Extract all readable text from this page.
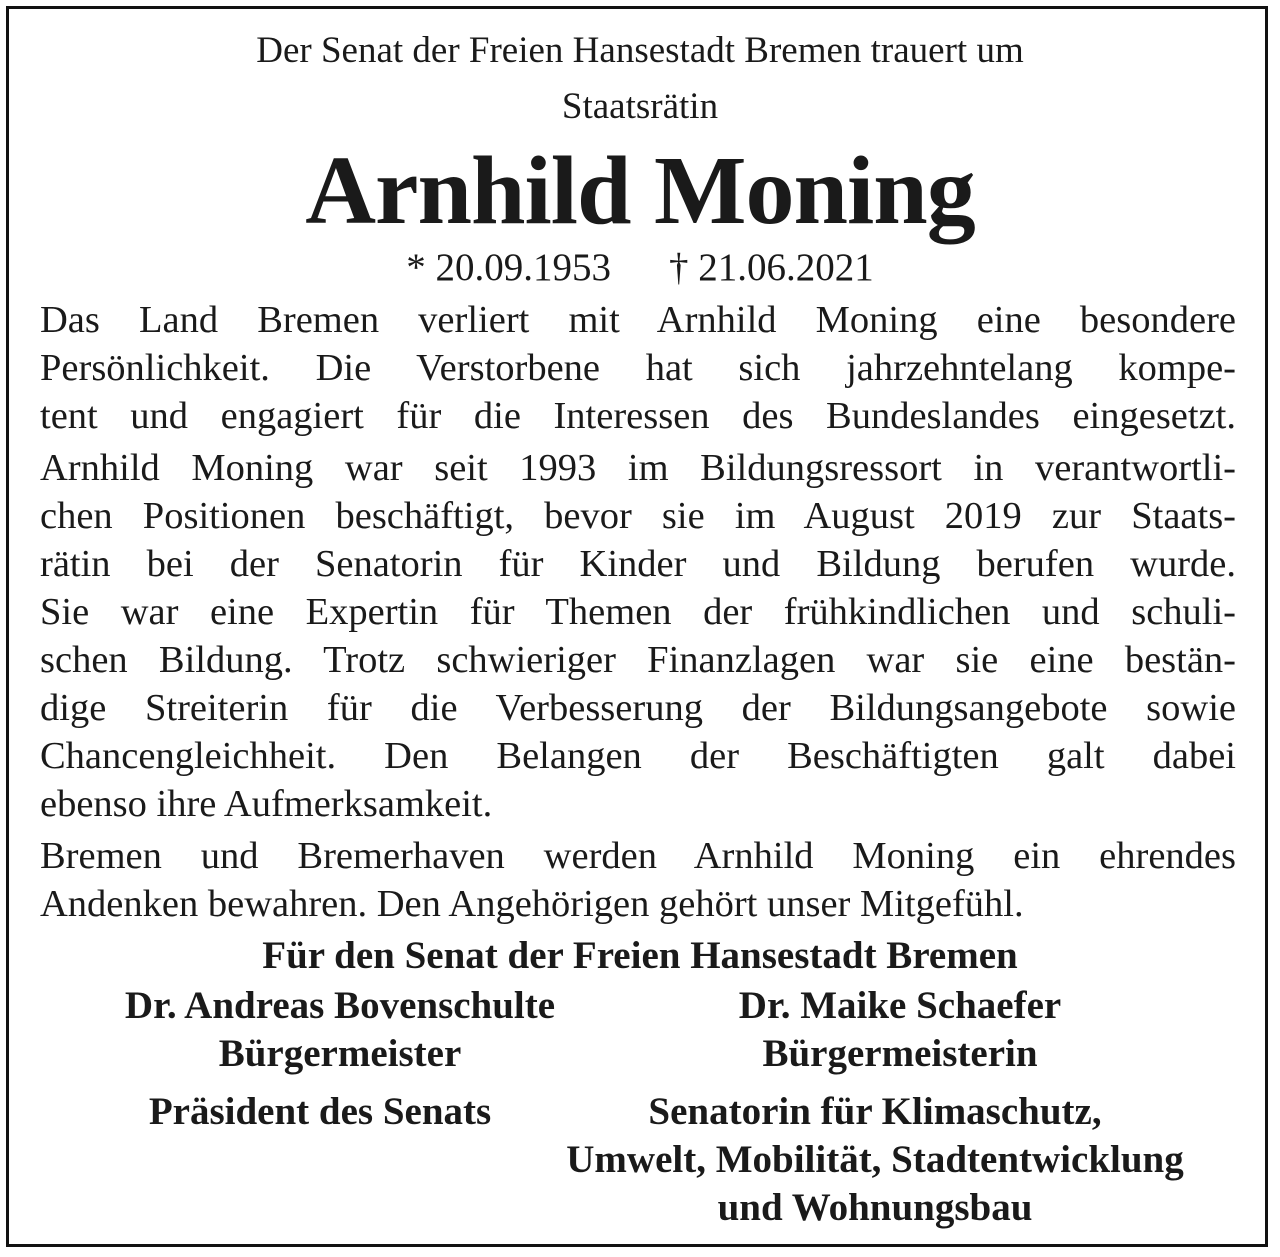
Der Senat der Freien Hansestadt Bremen trauert um
Staatsrätin
Arnhild Moning
* 20.09.1953 † 21.06.2021
Das Land Bremen verliert mit Arnhild Moning eine besondere
Persönlichkeit. Die Verstorbene hat sich jahrzehntelang kompe-
tent und engagiert für die Interessen des Bundeslandes eingesetzt.
Arnhild Moning war seit 1993 im Bildungsressort in verantwortli-
chen Positionen beschäftigt, bevor sie im August 2019 zur Staats-
rätin bei der Senatorin für Kinder und Bildung berufen wurde.
Sie war eine Expertin für Themen der frühkindlichen und schuli-
schen Bildung. Trotz schwieriger Finanzlagen war sie eine bestän-
dige Streiterin für die Verbesserung der Bildungsangebote sowie
Chancengleichheit. Den Belangen der Beschäftigten galt dabei
ebenso ihre Aufmerksamkeit.
Bremen und Bremerhaven werden Arnhild Moning ein ehrendes
Andenken bewahren. Den Angehörigen gehört unser Mitgefühl.
Für den Senat der Freien Hansestadt Bremen
Dr. Andreas Bovenschulte
Bürgermeister
Präsident des Senats
Dr. Maike Schaefer
Bürgermeisterin
Senatorin für Klimaschutz,
Umwelt, Mobilität, Stadtentwicklung
und Wohnungsbau
